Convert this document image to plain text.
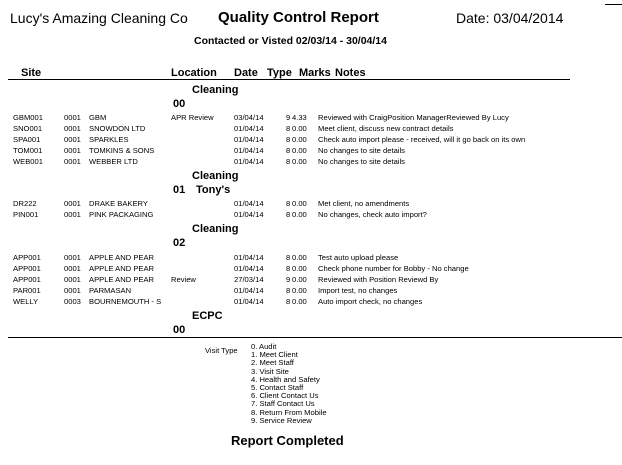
Lucy's Amazing Cleaning Co Quality Control Report	Date: 03/04/2014
Contacted or Visted 02/03/14 - 30/04/14
Site	Location Date Type Marks Notes
Cleaning
00
GBM001	0001 GBM	APR Review	03/04/14	9 4.33 Reviewed with CraigPosition ManagerReviewed By Lucy
SNO001	0001 SNOWDON LTD	01/04/14	8 0.00 Meet client, discuss new contract details
SPA001	0001 SPARKLES	01/04/14	8 0.00 Check auto import please - received, will it go back on its own
TOM001	0001 TOMKINS & SONS	01/04/14	8 0.00 No changes to site details
WEB001	0001 WEBBER LTD	01/04/14	8 0.00 No changes to site details
Cleaning
01 Tony's
DR222	0001 DRAKE BAKERY	01/04/14	8 0.00 Met client, no amendments
PIN001	0001 PINK PACKAGING	01/04/14	8 0.00 No changes, check auto import?
Cleaning
02
APP001	0001 APPLE AND PEAR	01/04/14	8 0.00 Test auto upload please
APP001	0001 APPLE AND PEAR	01/04/14	8 0.00 Check phone number for Bobby - No change
APP001	0001 APPLE AND PEAR Review	27/03/14	9 0.00 Reviewed with Position Reviewd By
PAR001	0001 PARMASAN	01/04/14	8 0.00 Import test, no changes
WELLY	0003 BOURNEMOUTH - S	01/04/14	8 0.00 Auto import check, no changes
ECPC
00
Visit Type 0. Audit
1. Meet Client
2. Meet Staff
3. Visit Site
4. Health and Safety
5. Contact Staff
6. Client Contact Us
7. Staff Contact Us
8. Return From Mobile
9. Service Review
Report Completed
